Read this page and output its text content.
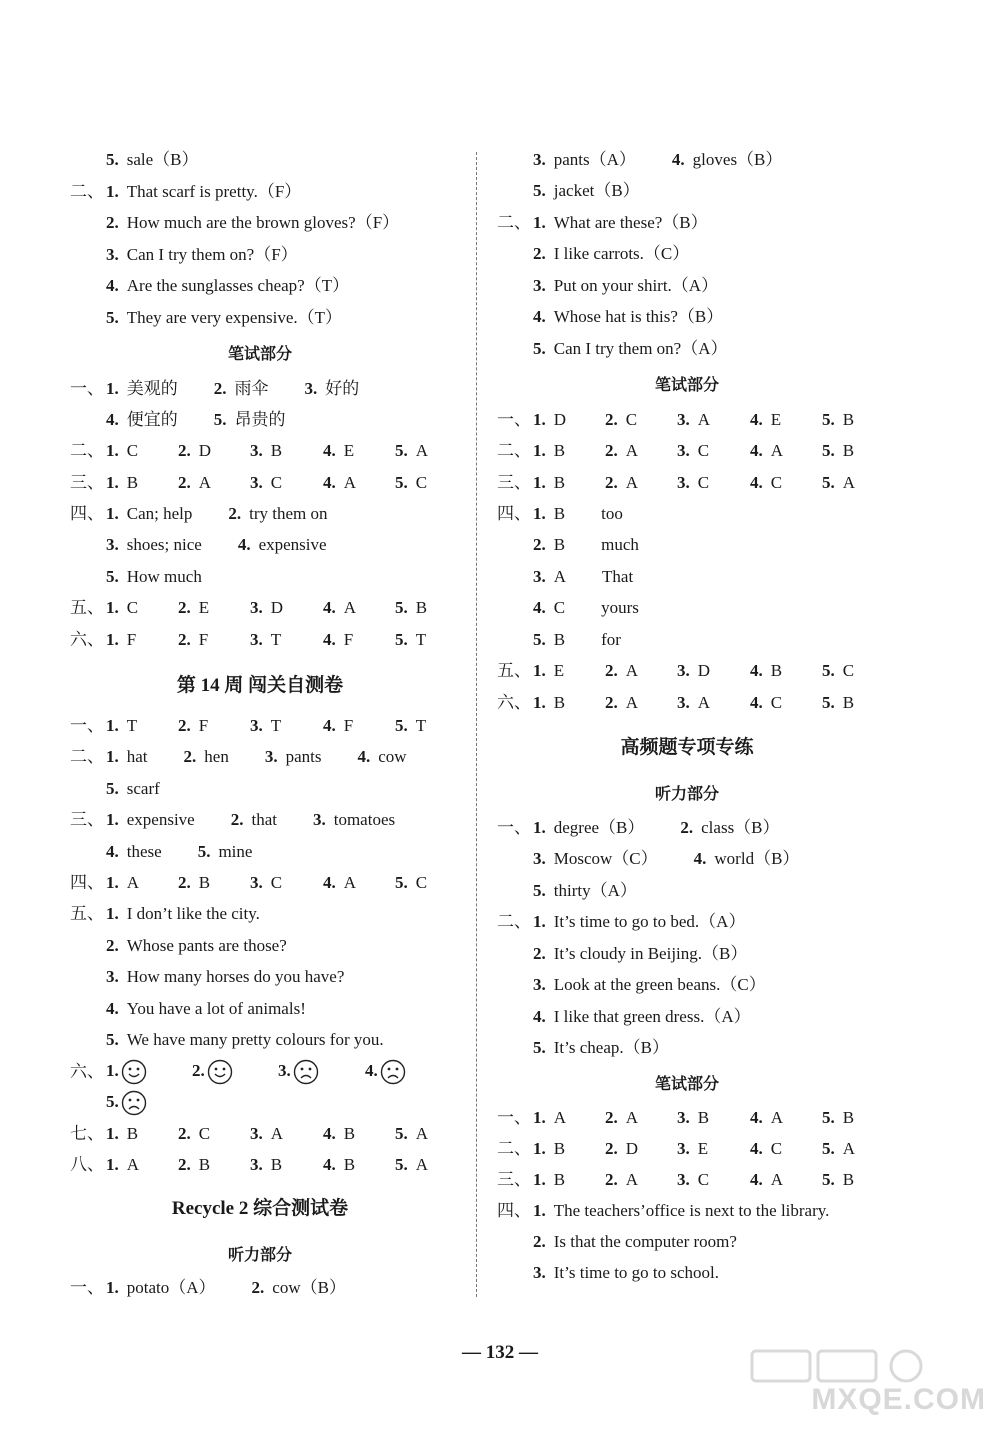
5. sale（B）
二、 1. That scarf is pretty.（F）
2. How much are the brown gloves?（F）
3. Can I try them on?（F）
4. Are the sunglasses cheap?（T）
5. They are very expensive.（T）
笔试部分
一、 1. 美观的 2. 雨伞 3. 好的
4. 便宜的 5. 昂贵的
二、 1. C 2. D 3. B 4. E 5. A
三、 1. B 2. A 3. C 4. A 5. C
四、 1. Can; help 2. try them on
3. shoes; nice 4. expensive
5. How much
五、 1. C 2. E 3. D 4. A 5. B
六、 1. F 2. F 3. T 4. F 5. T
第 14 周 闯关自测卷
一、 1. T 2. F 3. T 4. F 5. T
二、 1. hat 2. hen 3. pants 4. cow
5. scarf
三、 1. expensive 2. that 3. tomatoes
4. these 5. mine
四、 1. A 2. B 3. C 4. A 5. C
五、 1. I don’t like the city.
2. Whose pants are those?
3. How many horses do you have?
4. You have a lot of animals!
5. We have many pretty colours for you.
六、 1.	2.	3.	4.
5.
七、 1. B 2. C 3. A 4. B 5. A
八、 1. A 2. B 3. B 4. B 5. A
Recycle 2 综合测试卷
听力部分
一、 1. potato（A） 2. cow（B）
3. pants（A） 4. gloves（B）
5. jacket（B）
二、 1. What are these?（B）
2. I like carrots.（C）
3. Put on your shirt.（A）
4. Whose hat is this?（B）
5. Can I try them on?（A）
笔试部分
一、 1. D 2. C 3. A 4. E 5. B
二、 1. B 2. A 3. C 4. A 5. B
三、 1. B 2. A 3. C 4. C 5. A
四、 1. B too
2. B much
3. A That
4. C yours
5. B for
五、 1. E 2. A 3. D 4. B 5. C
六、 1. B 2. A 3. A 4. C 5. B
高频题专项专练
听力部分
一、 1. degree（B） 2. class（B）
3. Moscow（C） 4. world（B）
5. thirty（A）
二、 1. It’s time to go to bed.（A）
2. It’s cloudy in Beijing.（B）
3. Look at the green beans.（C）
4. I like that green dress.（A）
5. It’s cheap.（B）
笔试部分
一、 1. A 2. A 3. B 4. A 5. B
二、 1. B 2. D 3. E 4. C 5. A
三、 1. B 2. A 3. C 4. A 5. B
四、 1. The teachers’office is next to the library.
2. Is that the computer room?
3. It’s time to go to school.
— 132 —
MXQE.COM
